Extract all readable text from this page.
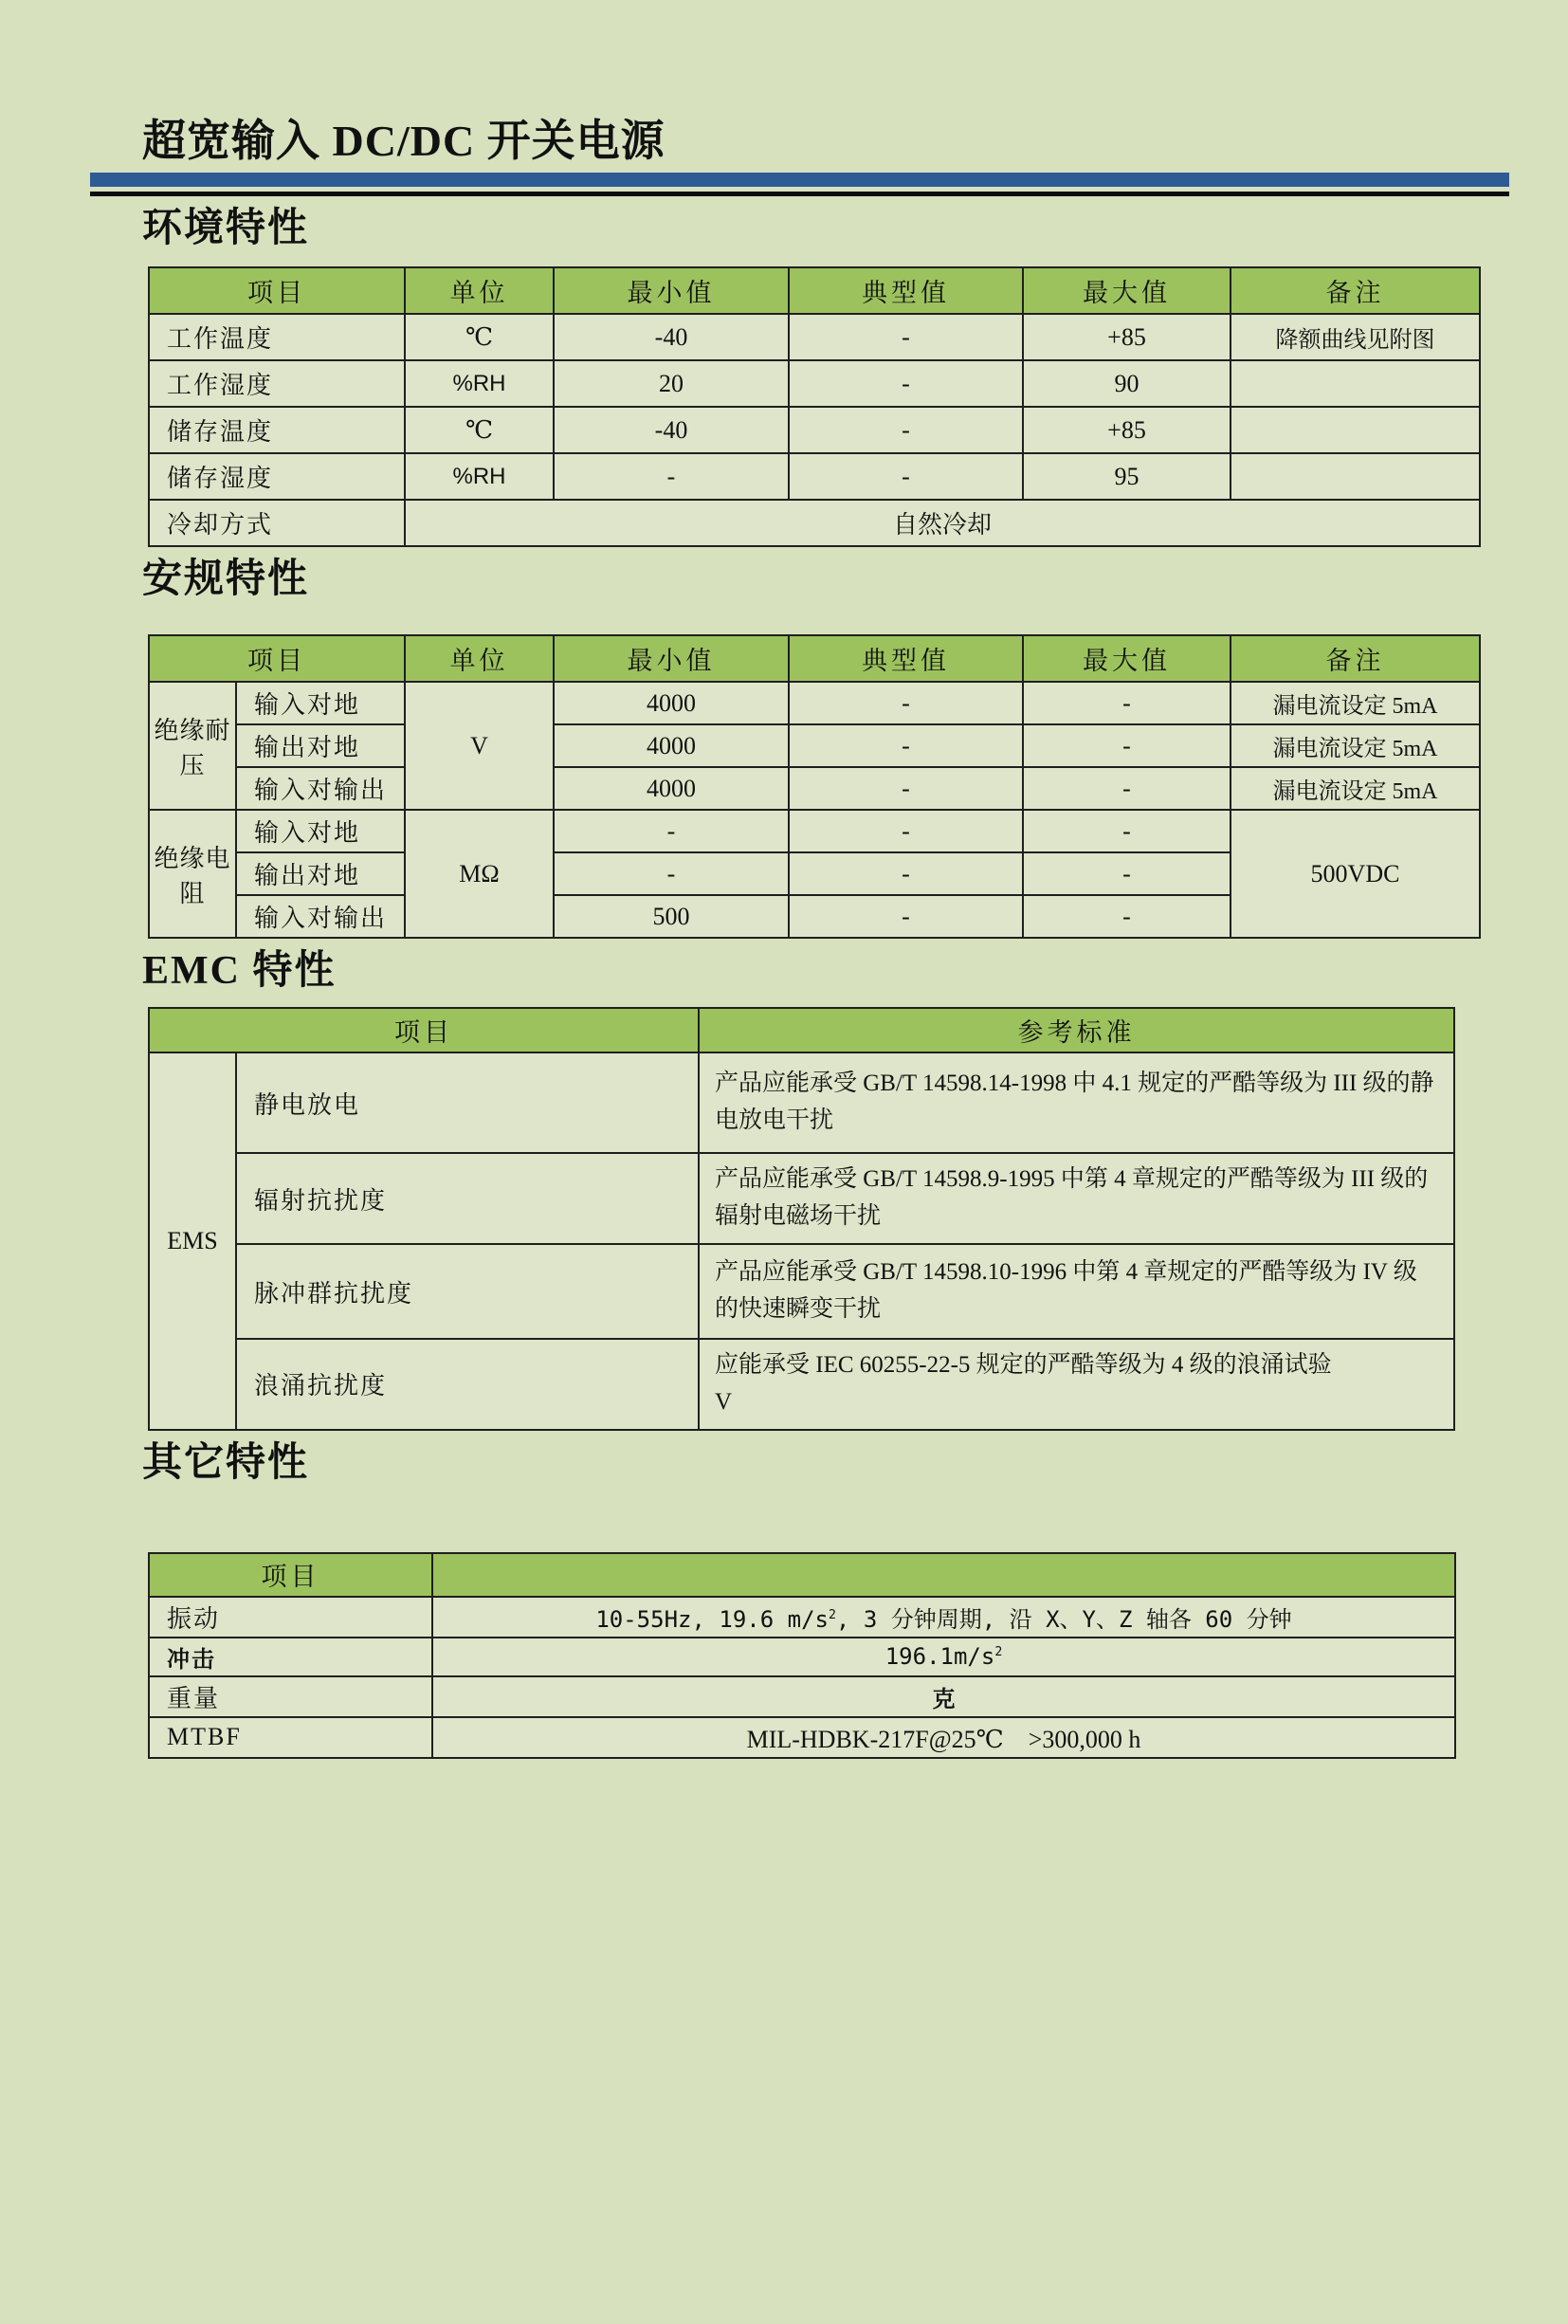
超宽输入 DC/DC 开关电源
环境特性
项目	单位	最小值	典型值	最大值	备注
工作温度	℃	-40	-	+85	降额曲线见附图
工作湿度	%RH	20	-	90	
储存温度	℃	-40	-	+85	
储存湿度	%RH	-	-	95	
冷却方式	自然冷却				
安规特性
项目		单位	最小值	典型值	最大值	备注
绝缘耐压	输入对地	V	4000	-	-	漏电流设定 5mA
	输出对地		4000	-	-	漏电流设定 5mA
	输入对输出		4000	-	-	漏电流设定 5mA
绝缘电阻	输入对地	MΩ	-	-	-	500VDC
	输出对地		-	-	-	
	输入对输出		500	-	-	
EMC 特性
项目		参考标准
EMS	静电放电	产品应能承受 GB/T 14598.14-1998 中 4.1 规定的严酷等级为 III 级的静电放电干扰
	辐射抗扰度	产品应能承受 GB/T 14598.9-1995 中第 4 章规定的严酷等级为 III 级的辐射电磁场干扰
	脉冲群抗扰度	产品应能承受 GB/T 14598.10-1996 中第 4 章规定的严酷等级为 IV 级的快速瞬变干扰
	浪涌抗扰度	应能承受 IEC 60255-22-5 规定的严酷等级为 4 级的浪涌试验
V
其它特性
项目	
振动	10-55Hz, 19.6 $m/s^2$, 3 分钟周期, 沿 X、Y、Z 轴各 60 分钟
冲击	$196.1m/s^2$
重量	克
MTBF	MIL-HDBK-217F@25℃　>300,000 h
